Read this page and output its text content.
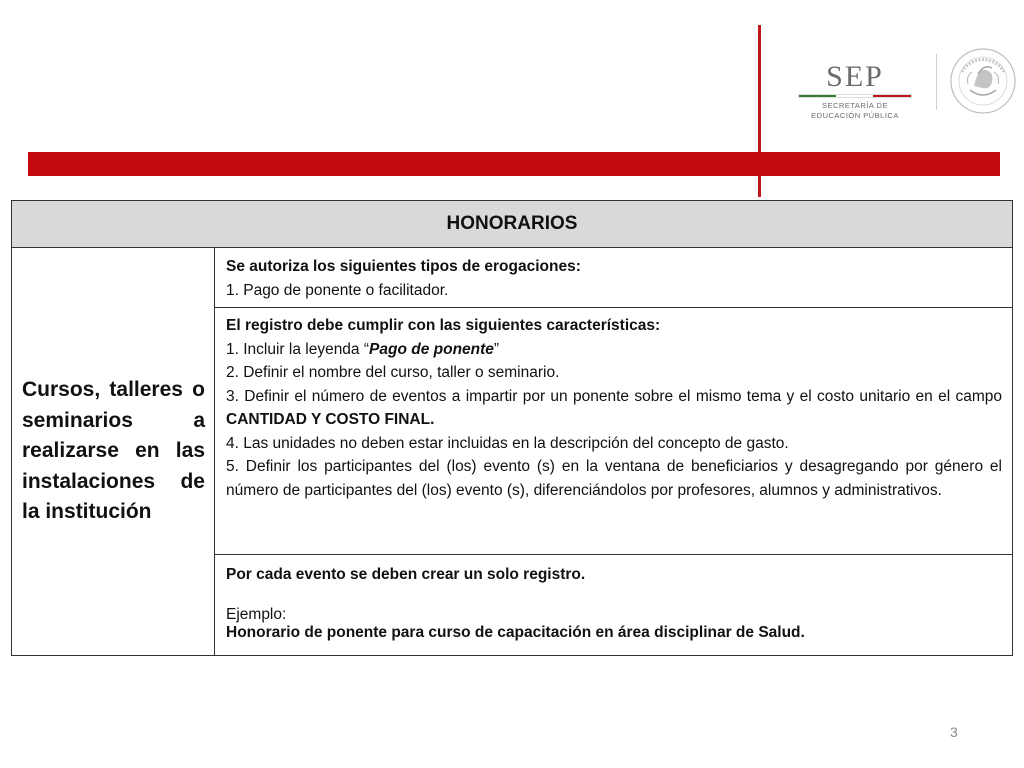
SEP
SECRETARÍA DE
EDUCACIÓN PÚBLICA
HONORARIOS
Cursos, talleres o seminarios a realizarse en las instalaciones de la institución

Se autoriza los siguientes tipos de erogaciones:

1. Pago de ponente o facilitador.

El registro debe cumplir con las siguientes características:

1. Incluir la leyenda “Pago de ponente”

2. Definir el nombre del curso, taller o seminario.

3. Definir el número de eventos a impartir por un ponente sobre el mismo tema y el costo unitario en el campo CANTIDAD Y COSTO FINAL.

4. Las unidades no deben estar incluidas en la descripción del concepto de gasto.

5. Definir los participantes del (los) evento (s) en la ventana de beneficiarios y desagregando por género el número de participantes del (los) evento (s), diferenciándolos por profesores, alumnos y administrativos.

Por cada evento se deben crear un solo registro.

Ejemplo:

Honorario de ponente para curso de capacitación en área disciplinar de Salud.

3
